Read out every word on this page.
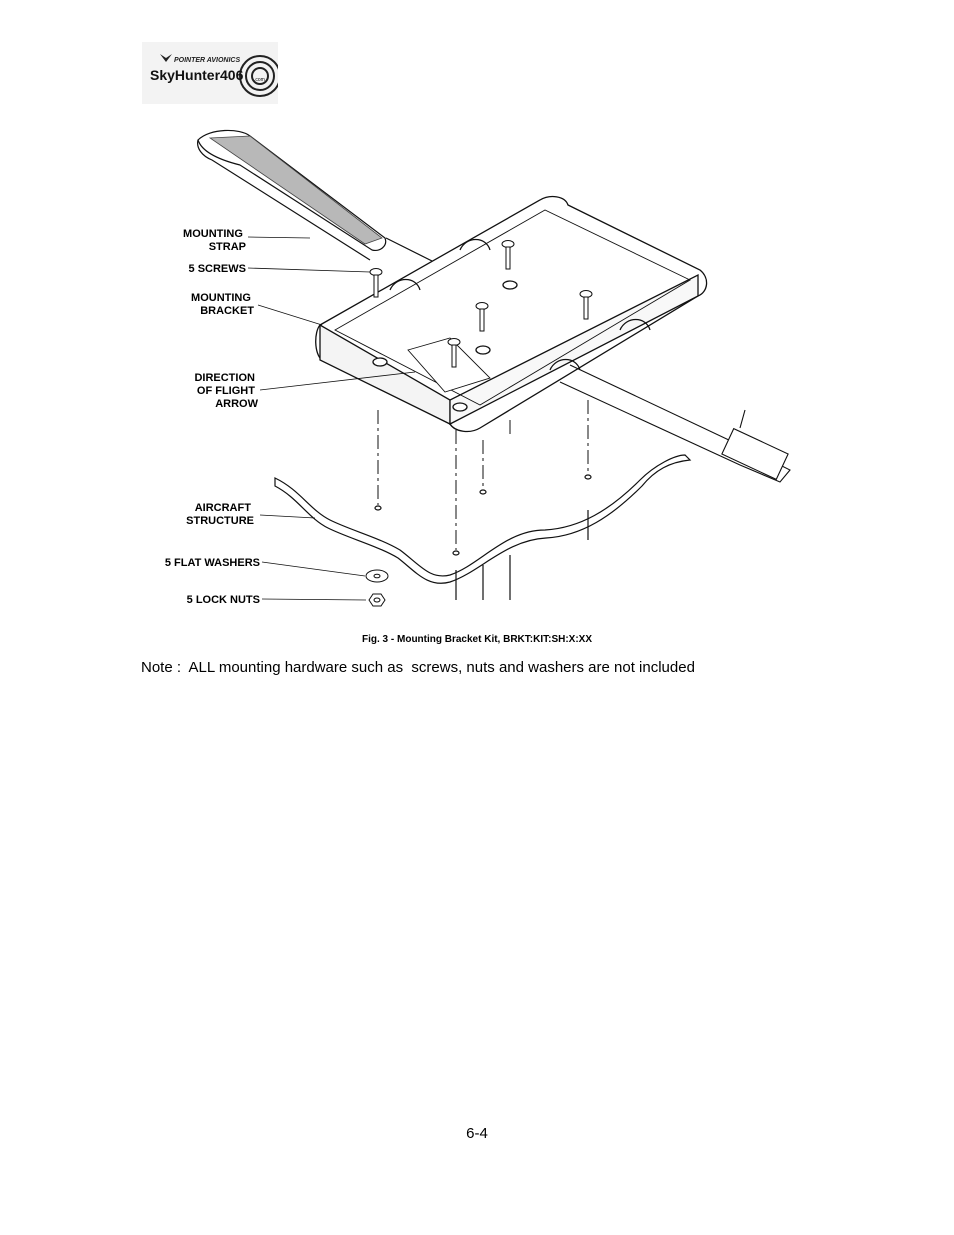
POINTER AVIONICS
SkyHunter406 .com
MOUNTING STRAP
5 SCREWS
MOUNTING BRACKET
DIRECTION OF FLIGHT ARROW
AIRCRAFT STRUCTURE
5 FLAT WASHERS
5 LOCK NUTS
Fig. 3 - Mounting Bracket Kit, BRKT:KIT:SH:X:XX
Note :  ALL mounting hardware such as  screws, nuts and washers are not included
6-4
